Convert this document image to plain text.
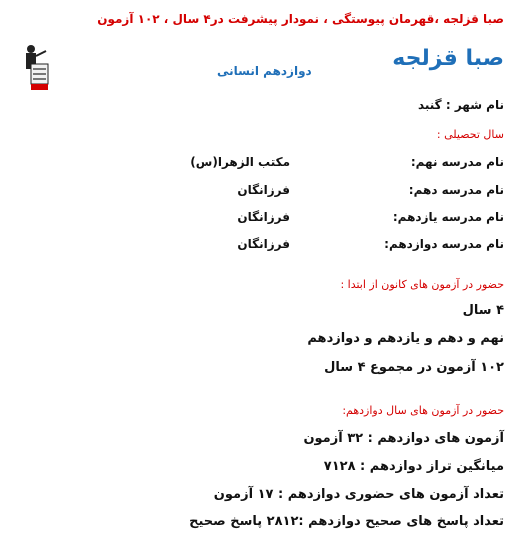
صبا قزلجه ،قهرمان پیوستگی ، نمودار پیشرفت در۴ سال ، ۱۰۲ آزمون
صبا قزلجه
دوازدهم انسانی
نام شهر : گنبد
سال تحصیلی :
نام مدرسه نهم:
مکتب الزهرا(س)
نام مدرسه دهم:
فرزانگان
نام مدرسه یازدهم:
فرزانگان
نام مدرسه دوازدهم:
فرزانگان
حضور در آزمون های کانون از ابتدا :
۴ سال
نهم و دهم و یازدهم و دوازدهم
۱۰۲ آزمون در مجموع ۴ سال
حضور در آزمون های سال دوازدهم:
آزمون های دوازدهم : ۳۲ آزمون
میانگین تراز دوازدهم : ۷۱۲۸
تعداد آزمون های حضوری دوازدهم : ۱۷ آزمون
تعداد پاسخ های صحیح دوازدهم :۲۸۱۲ پاسخ صحیح
